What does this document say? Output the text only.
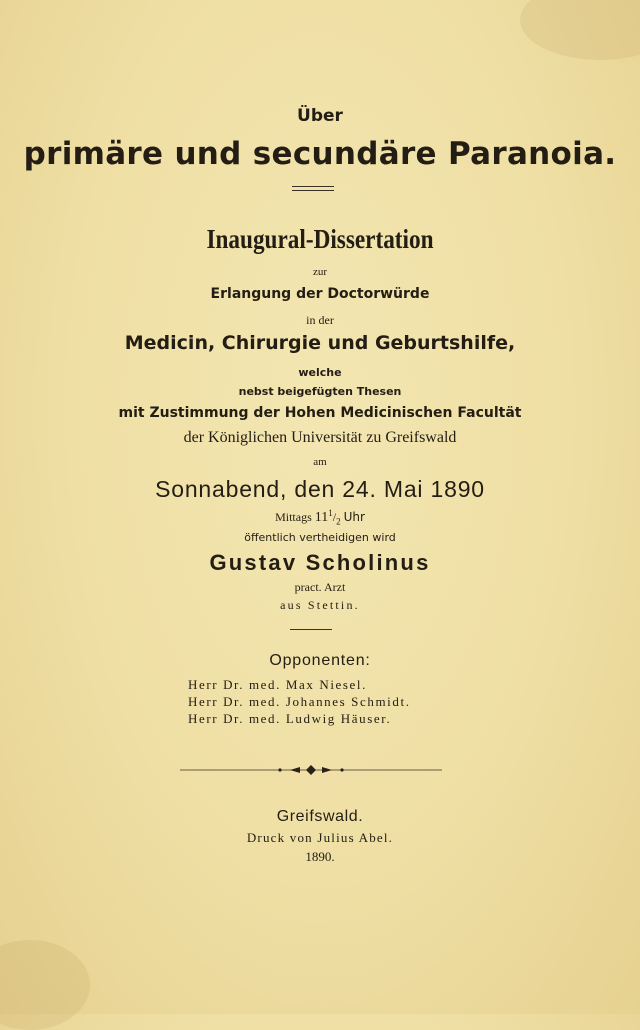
Über
primäre und secundäre Paranoia.
Inaugural-Dissertation
zur
Erlangung der Doctorwürde
in der
Medicin, Chirurgie und Geburtshilfe,
welche
nebst beigefügten Thesen
mit Zustimmung der Hohen Medicinischen Facultät
der Königlichen Universität zu Greifswald
am
Sonnabend, den 24. Mai 1890
Mittags $11^1/_2$ Uhr
öffentlich vertheidigen wird
Gustav Scholinus
pract. Arzt
aus Stettin.
Opponenten:
Herr Dr. med. Max Niesel.
Herr Dr. med. Johannes Schmidt.
Herr Dr. med. Ludwig Häuser.
Greifswald.
Druck von Julius Abel.
1890.
